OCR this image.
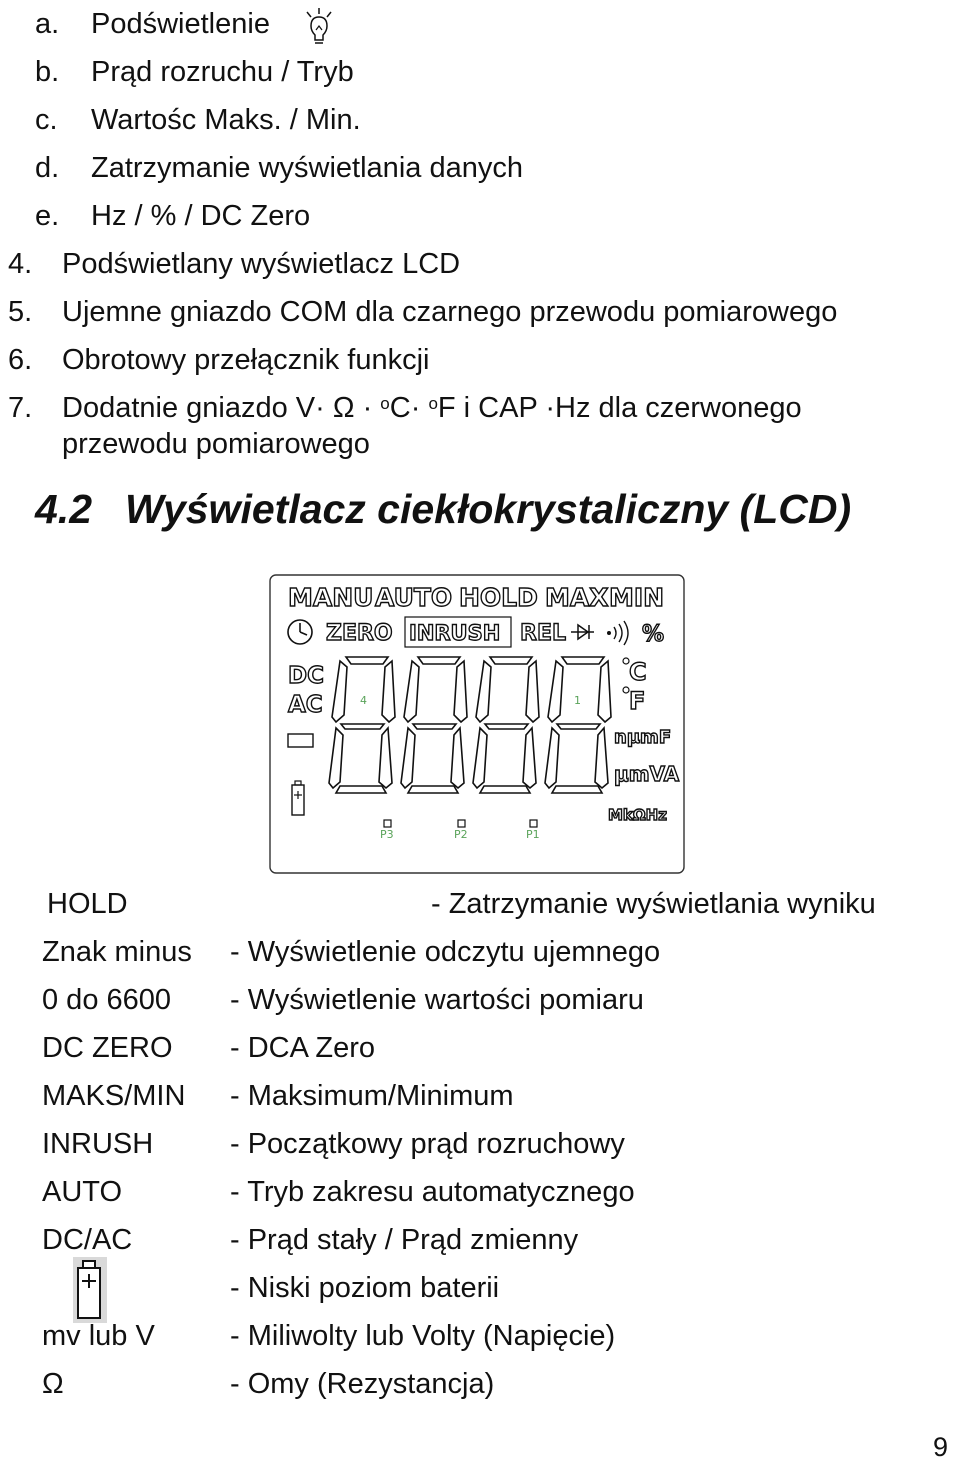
a. Podświetlenie
b. Prąd rozruchu / Tryb
c. Wartośc Maks. / Min.
d. Zatrzymanie wyświetlania danych
e. Hz / % / DC Zero
4. Podświetlany wyświetlacz LCD
5. Ujemne gniazdo COM dla czarnego przewodu pomiarowego
6. Obrotowy przełącznik funkcji
7. Dodatnie gniazdo V· Ω · $^o$C· $^o$F i CAP ·Hz dla czerwonego
przewodu pomiarowego
4.2 Wyświetlacz ciekłokrystaliczny (LCD)
MANU AUTO HOLD MAX MIN
ZERO INRUSH REL	%
DC
AC	4	1
P3	P2	P1
C
F
nμmF
μmVA
MkΩHz
HOLD	- Zatrzymanie wyświetlania wyniku
Znak minus - Wyświetlenie odczytu ujemnego
0 do 6600 - Wyświetlenie wartości pomiaru
DC ZERO - DCA Zero
MAKS/MIN - Maksimum/Minimum
INRUSH	- Początkowy prąd rozruchowy
AUTO	- Tryb zakresu automatycznego
DC/AC	- Prąd stały / Prąd zmienny
- Niski poziom baterii
mv lub V	- Miliwolty lub Volty (Napięcie)
Ω	- Omy (Rezystancja)
9
